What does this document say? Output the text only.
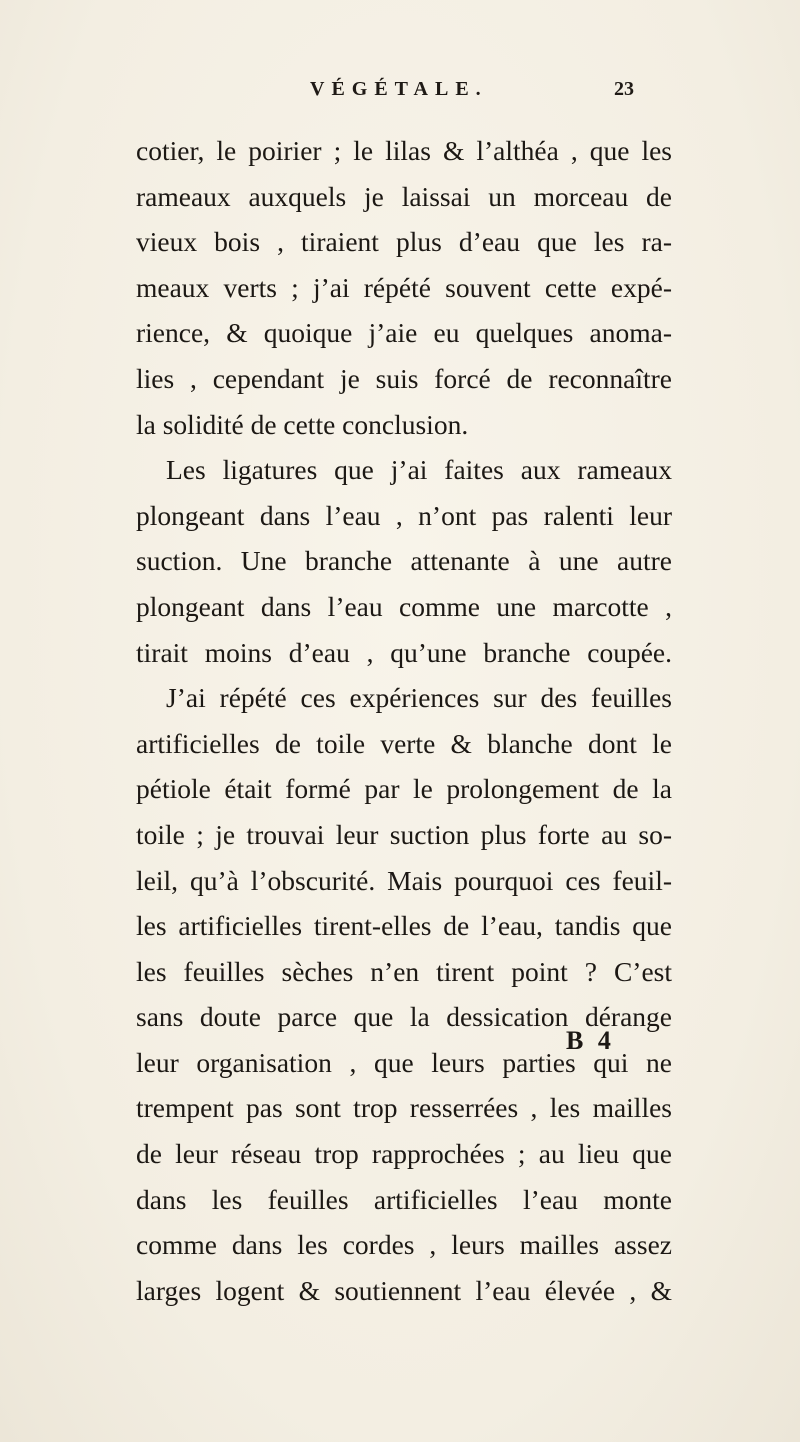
VÉGÉTALE.	23
cotier, le poirier ; le lilas & l’althéa , que les
rameaux auxquels je laissai un morceau de
vieux bois , tiraient plus d’eau que les ra-
meaux verts ; j’ai répété souvent cette expé-
rience, & quoique j’aie eu quelques anoma-
lies , cependant je suis forcé de reconnaître
la solidité de cette conclusion.
Les ligatures que j’ai faites aux rameaux
plongeant dans l’eau , n’ont pas ralenti leur
suction. Une branche attenante à une autre
plongeant dans l’eau comme une marcotte ,
tirait moins d’eau , qu’une branche coupée.
J’ai répété ces expériences sur des feuilles
artificielles de toile verte & blanche dont le
pétiole était formé par le prolongement de la
toile ; je trouvai leur suction plus forte au so-
leil, qu’à l’obscurité. Mais pourquoi ces feuil-
les artificielles tirent-elles de l’eau, tandis que
les feuilles sèches n’en tirent point ? C’est
sans doute parce que la dessication dérange
leur organisation , que leurs parties qui ne
trempent pas sont trop resserrées , les mailles
de leur réseau trop rapprochées ; au lieu que
dans les feuilles artificielles l’eau monte
comme dans les cordes , leurs mailles assez
larges logent & soutiennent l’eau élevée , &
B 4
